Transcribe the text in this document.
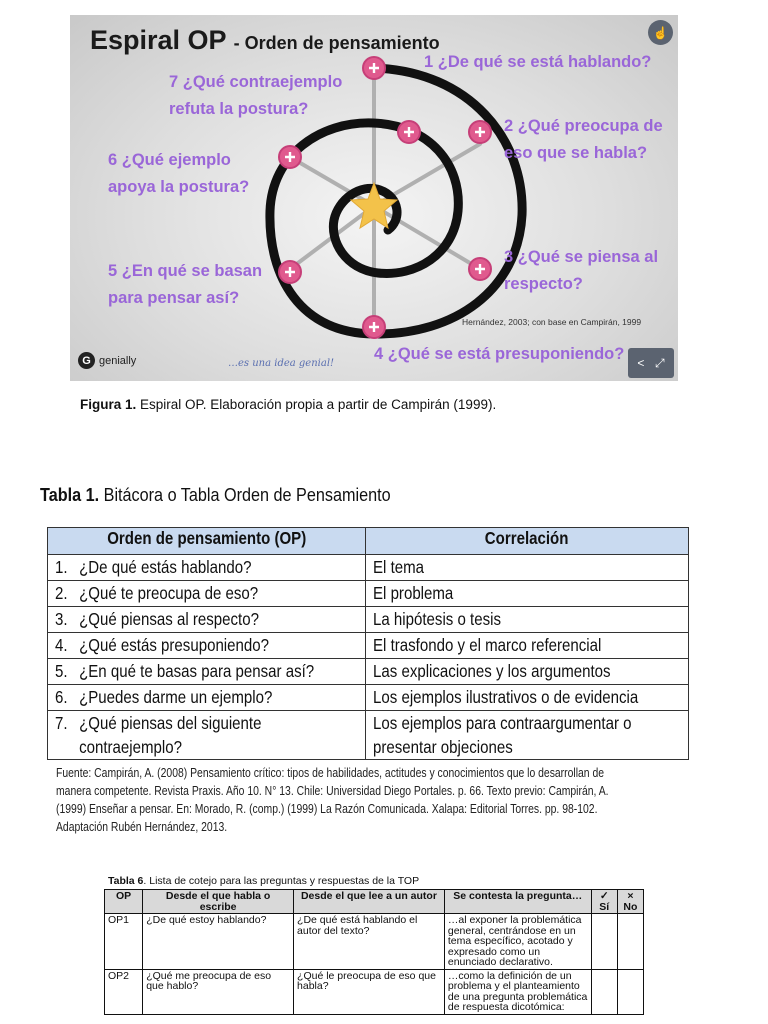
Espiral OP - Orden de pensamiento
1 ¿De qué se está hablando?
2 ¿Qué preocupa de eso que se habla?
3 ¿Qué se piensa al respecto?
4 ¿Qué se está presuponiendo?
5 ¿En qué se basan para pensar así?
6 ¿Qué ejemplo apoya la postura?
7 ¿Qué contraejemplo refuta la postura?
Hernández, 2003; con base en Campirán, 1999
G genially	…es una idea genial!
☝
< ⤢
Figura 1. Espiral OP. Elaboración propia a partir de Campirán (1999).
Tabla 1. Bitácora o Tabla Orden de Pensamiento
Orden de pensamiento (OP)	Correlación
1. ¿De qué estás hablando?	El tema
2. ¿Qué te preocupa de eso?	El problema
3. ¿Qué piensas al respecto?	La hipótesis o tesis
4. ¿Qué estás presuponiendo?	El trasfondo y el marco referencial
5. ¿En qué te basas para pensar así?	Las explicaciones y los argumentos
6. ¿Puedes darme un ejemplo?	Los ejemplos ilustrativos o de evidencia
7. ¿Qué piensas del siguiente
contraejemplo?	Los ejemplos para contraargumentar o
presentar objeciones
Fuente: Campirán, A. (2008) Pensamiento crítico: tipos de habilidades, actitudes y conocimientos que lo desarrollan de manera competente. Revista Praxis. Año 10. N° 13. Chile: Universidad Diego Portales. p. 66. Texto previo: Campirán, A. (1999) Enseñar a pensar. En: Morado, R. (comp.) (1999) La Razón Comunicada. Xalapa: Editorial Torres. pp. 98-102. Adaptación Rubén Hernández, 2013.
Tabla 6. Lista de cotejo para las preguntas y respuestas de la TOP
OP	Desde el que habla o escribe	Desde el que lee a un autor	Se contesta la pregunta…	✓ Sí	× No
OP1	¿De qué estoy hablando?	¿De qué está hablando el autor del texto?	…al exponer la problemática general, centrándose en un tema específico, acotado y expresado como un enunciado declarativo.		
OP2	¿Qué me preocupa de eso que hablo?	¿Qué le preocupa de eso que habla?	…como la definición de un problema y el planteamiento de una pregunta problemática de respuesta dicotómica:		
